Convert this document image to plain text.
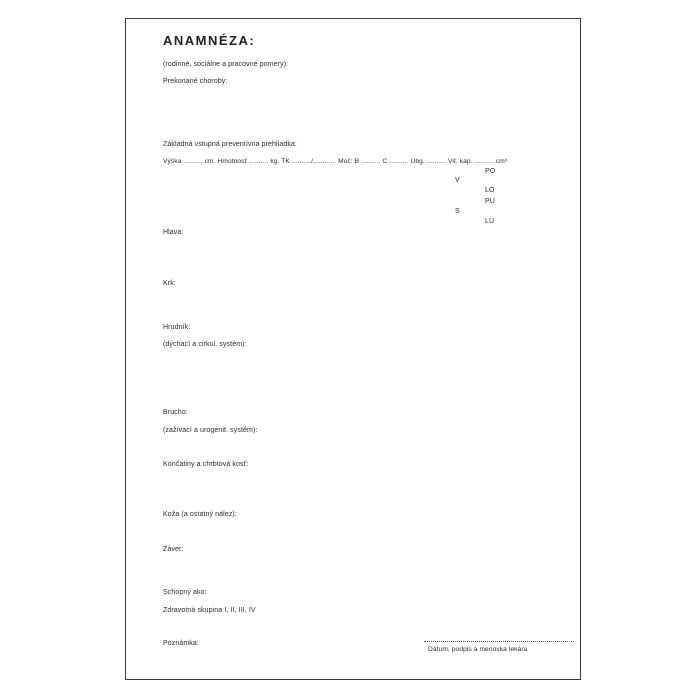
ANAMNÉZA:
(rodinné, sociálne a pracovné pomery):
Prekonané choroby:
Základná vstupná preventívna prehliadka:
Výška .......... cm. Hmotnosť .......... kg. TK ........../.......... . Moč: B .......... C .......... Ubg. .......... Vit. kap. .......... cm³
PO
V
LO
PU
S
LU
Hlava:
Krk:
Hrudník:
(dýchací a cirkul. systém):
Brucho:
(zažívací a urogenit. systém):
Končatiny a chrbtová kosť:
Koža (a ostatný nález):
Záver:
Schopný ako:
Zdravotná skupina I, II, III, IV
Poznámka:
Dátum, podpis a menovka lekára
